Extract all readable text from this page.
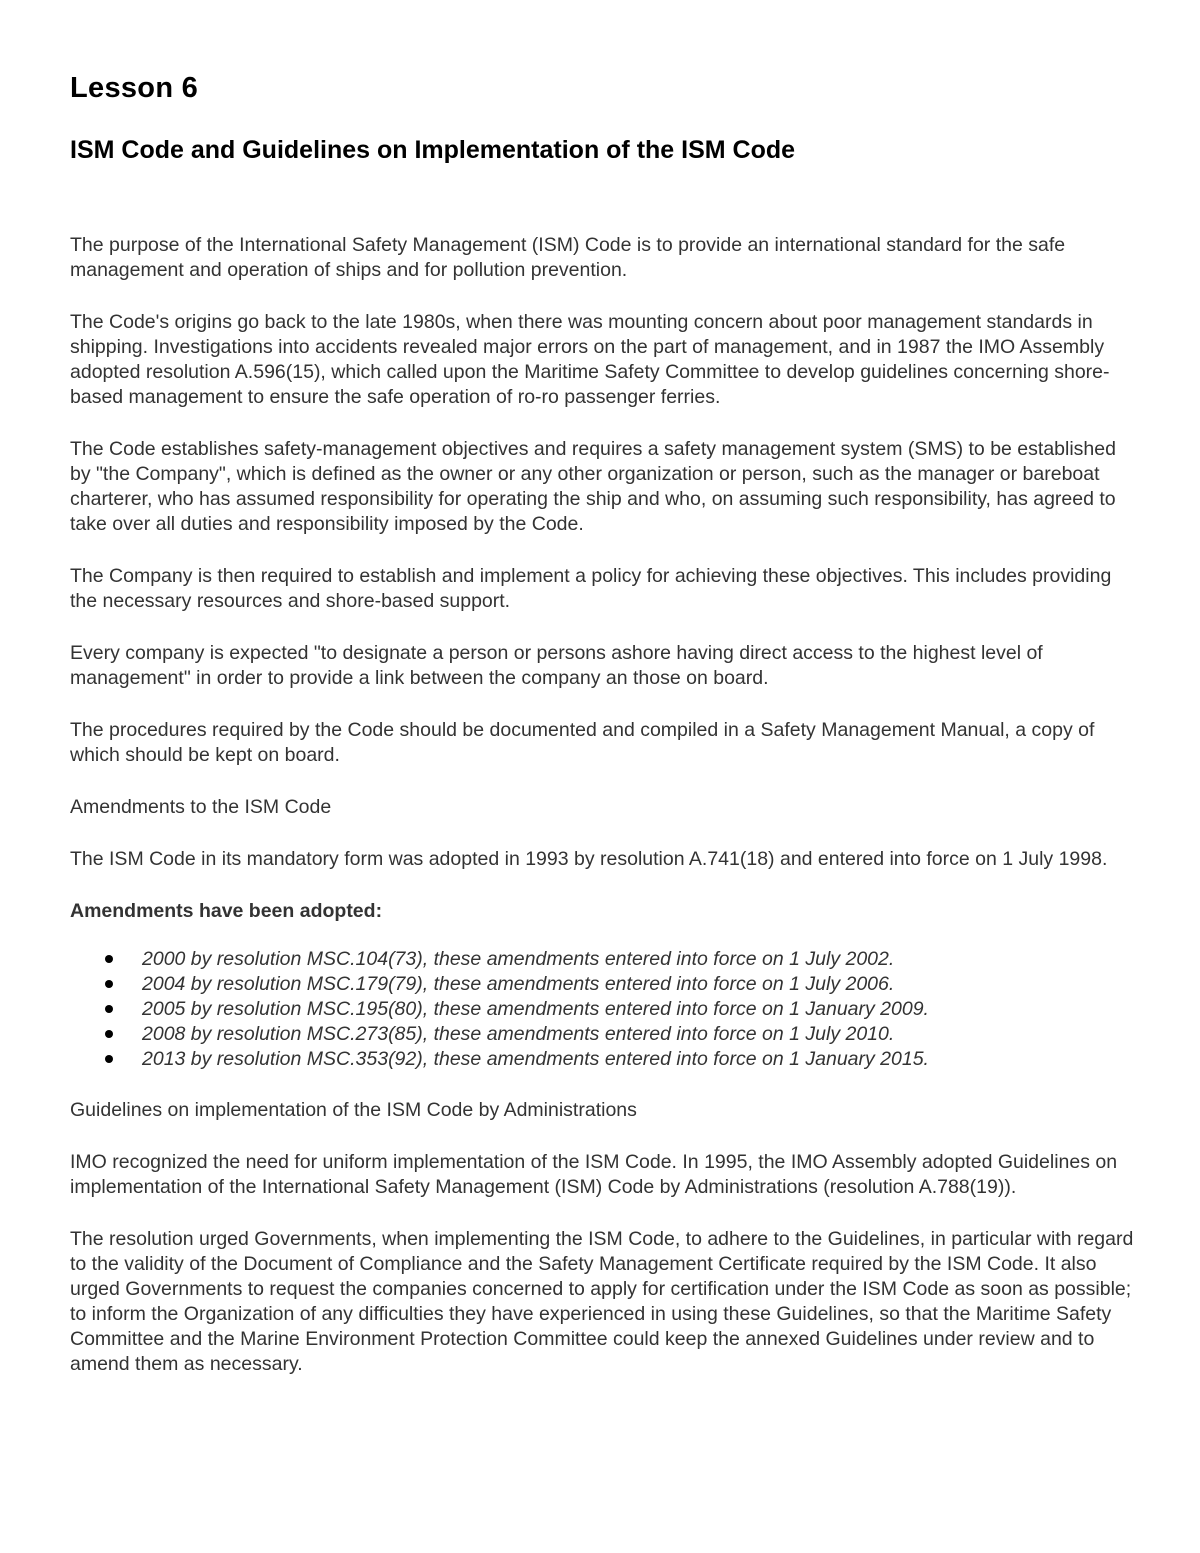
Lesson 6
ISM Code and Guidelines on Implementation of the ISM Code

The purpose of the International Safety Management (ISM) Code is to provide an international standard for the safe management and operation of ships and for pollution prevention.

The Code's origins go back to the late 1980s, when there was mounting concern about poor management standards in shipping. Investigations into accidents revealed major errors on the part of management, and in 1987 the IMO Assembly adopted resolution A.596(15), which called upon the Maritime Safety Committee to develop guidelines concerning shore-based management to ensure the safe operation of ro-ro passenger ferries.

The Code establishes safety-management objectives and requires a safety management system (SMS) to be established by "the Company", which is defined as the owner or any other organization or person, such as the manager or bareboat charterer, who has assumed responsibility for operating the ship and who, on assuming such responsibility, has agreed to take over all duties and responsibility imposed by the Code.

The Company is then required to establish and implement a policy for achieving these objectives. This includes providing the necessary resources and shore-based support.

Every company is expected "to designate a person or persons ashore having direct access to the highest level of management" in order to provide a link between the company an those on board.

The procedures required by the Code should be documented and compiled in a Safety Management Manual, a copy of which should be kept on board.

Amendments to the ISM Code

The ISM Code in its mandatory form was adopted in 1993 by resolution A.741(18) and entered into force on 1 July 1998.

Amendments have been adopted:

2000 by resolution MSC.104(73), these amendments entered into force on 1 July 2002.
2004 by resolution MSC.179(79), these amendments entered into force on 1 July 2006.
2005 by resolution MSC.195(80), these amendments entered into force on 1 January 2009.
2008 by resolution MSC.273(85), these amendments entered into force on 1 July 2010.
2013 by resolution MSC.353(92), these amendments entered into force on 1 January 2015.

Guidelines on implementation of the ISM Code by Administrations

IMO recognized the need for uniform implementation of the ISM Code. In 1995, the IMO Assembly adopted Guidelines on implementation of the International Safety Management (ISM) Code by Administrations (resolution A.788(19)).

The resolution urged Governments, when implementing the ISM Code, to adhere to the Guidelines, in particular with regard to the validity of the Document of Compliance and the Safety Management Certificate required by the ISM Code. It also urged Governments to request the companies concerned to apply for certification under the ISM Code as soon as possible; to inform the Organization of any difficulties they have experienced in using these Guidelines, so that the Maritime Safety Committee and the Marine Environment Protection Committee could keep the annexed Guidelines under review and to amend them as necessary.
